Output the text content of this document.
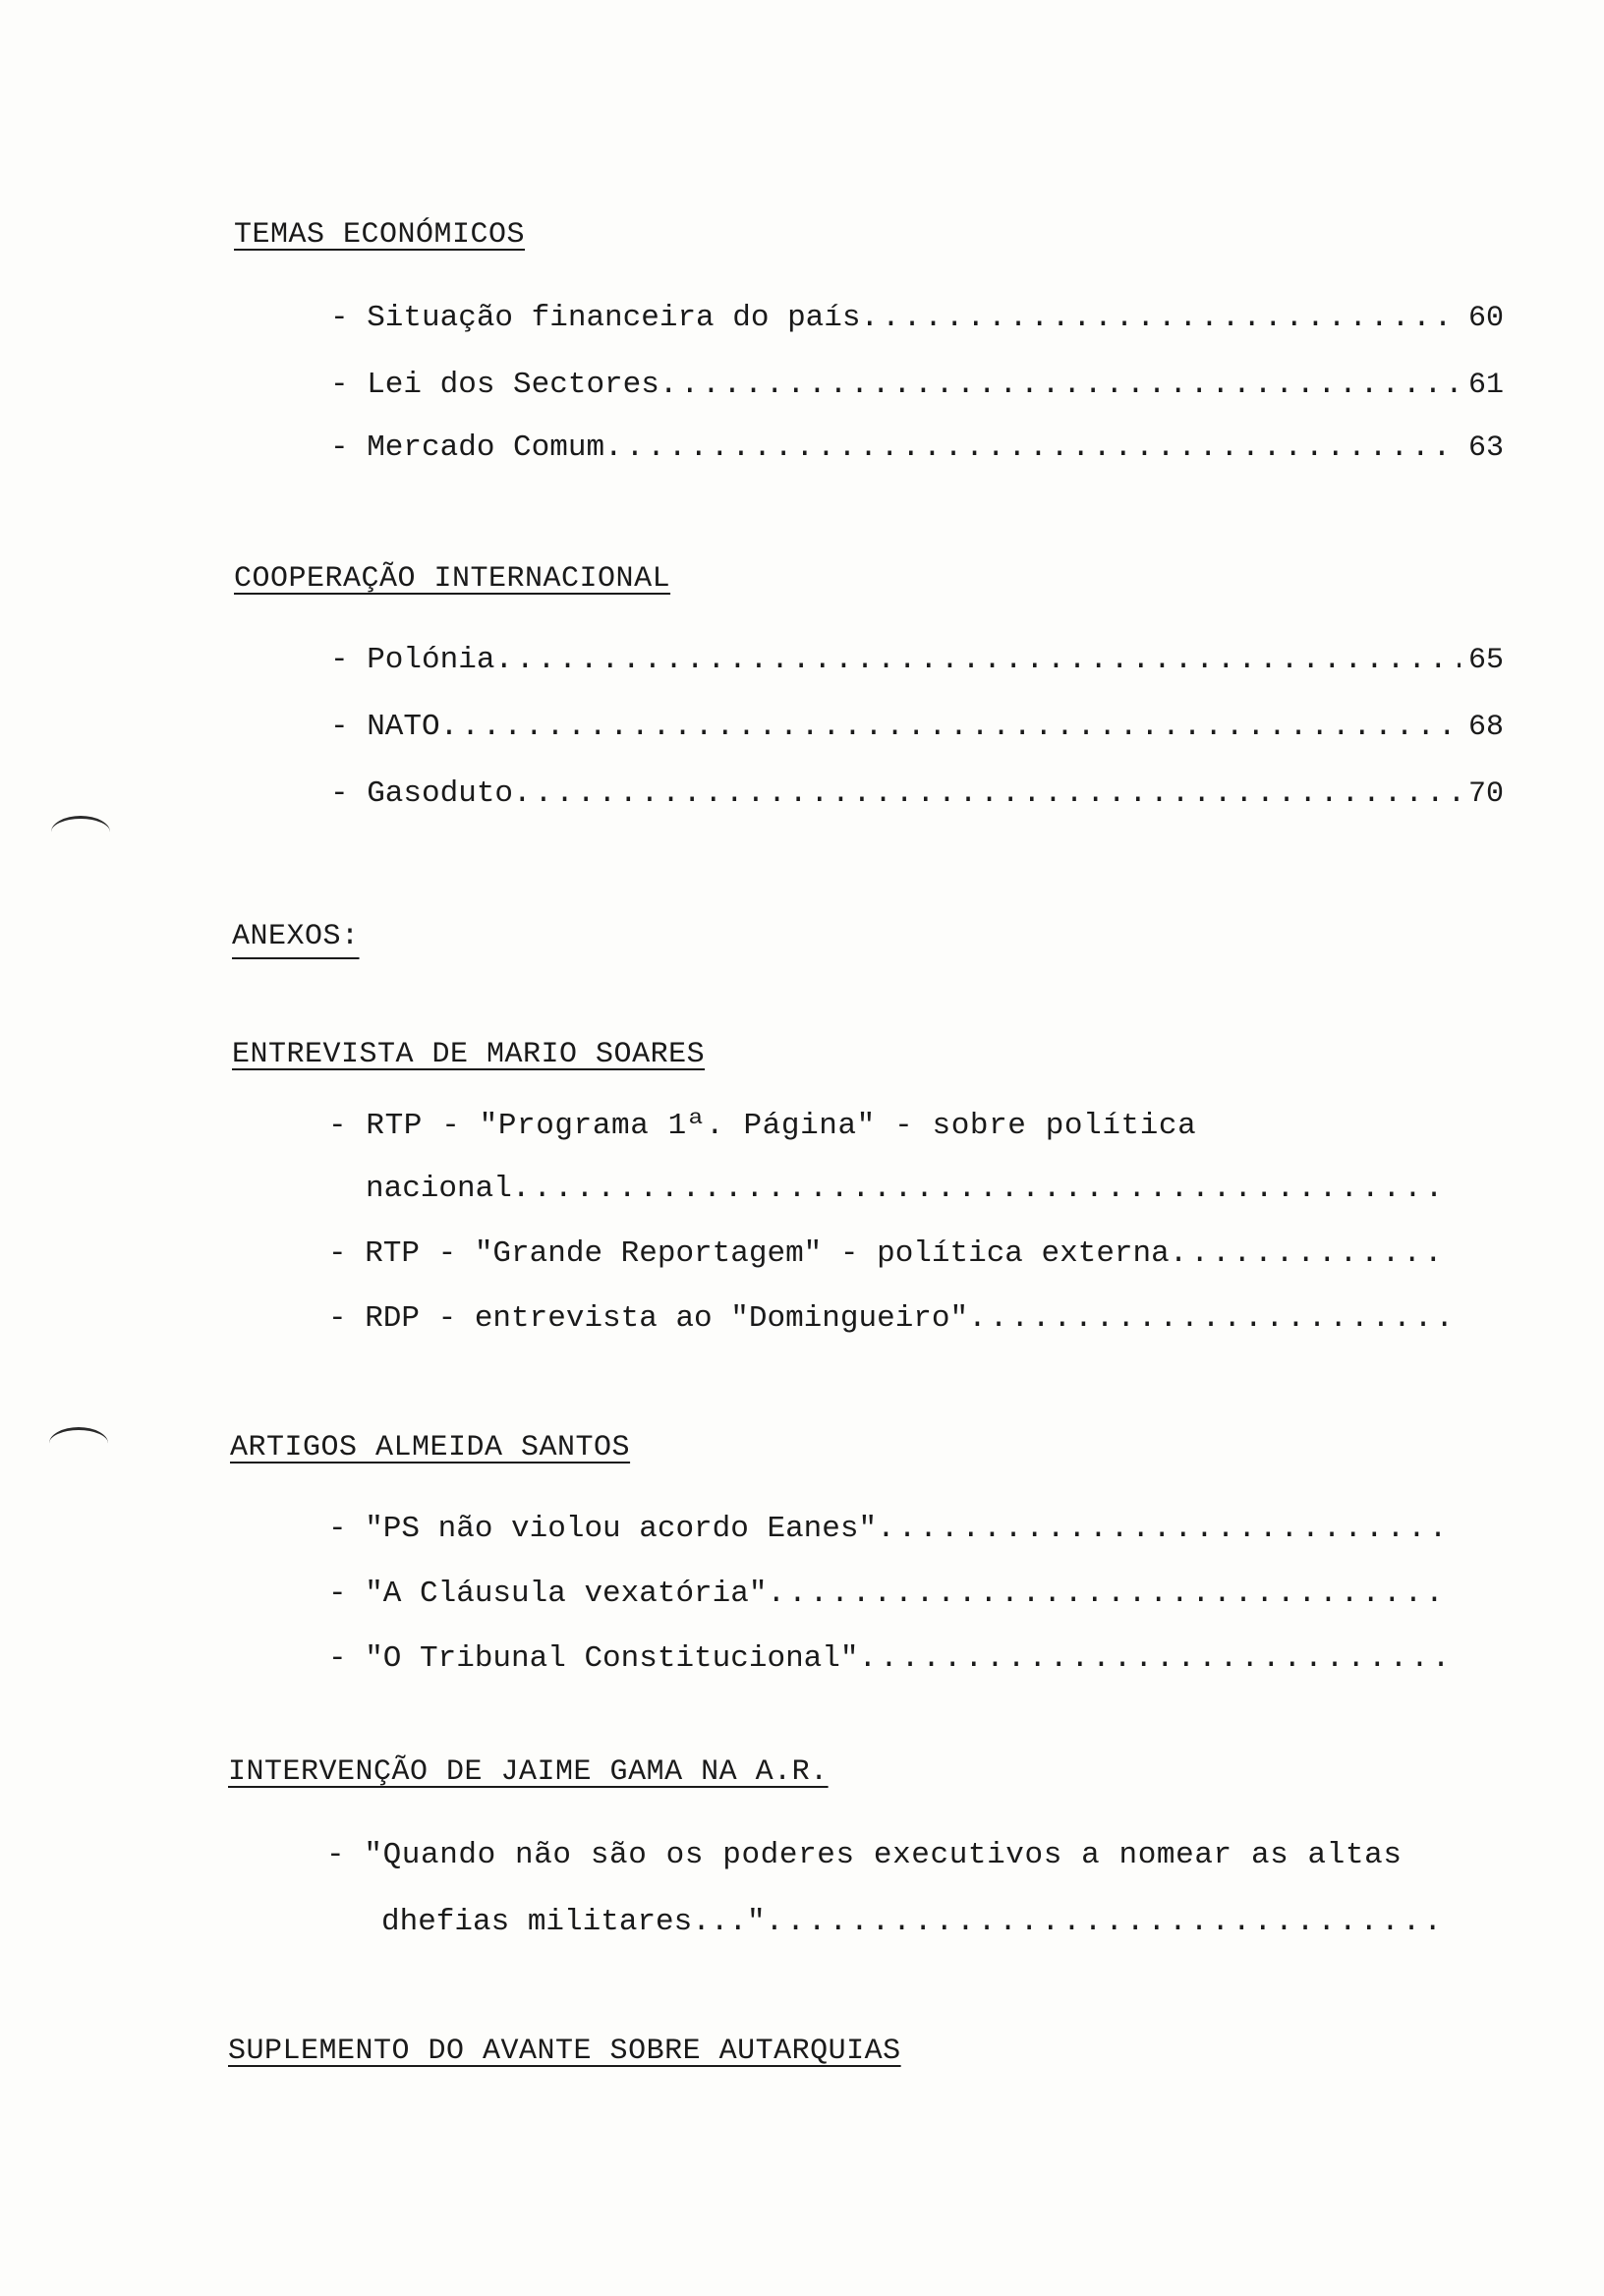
TEMAS ECONÓMICOS
- Situação financeira do país .....	60
- Lei dos Sectores .....	61
- Mercado Comum .....	63
COOPERAÇÃO INTERNACIONAL
- Polónia .....	65
- NATO .....	68
- Gasoduto .....	70
ANEXOS:
ENTREVISTA DE MARIO SOARES
- RTP - "Programa 1ª. Página" - sobre política
nacional
.....
- RTP - "Grande Reportagem" - política externa
.....
- RDP - entrevista ao "Domingueiro"
.....
ARTIGOS ALMEIDA SANTOS
- "PS não violou acordo Eanes"
.....
- "A Cláusula vexatória"
.....
- "O Tribunal Constitucional"
.....
INTERVENÇÃO DE JAIME GAMA NA A.R.
- "Quando não são os poderes executivos a nomear as altas
dhefias militares..."
.....
SUPLEMENTO DO AVANTE SOBRE AUTARQUIAS
